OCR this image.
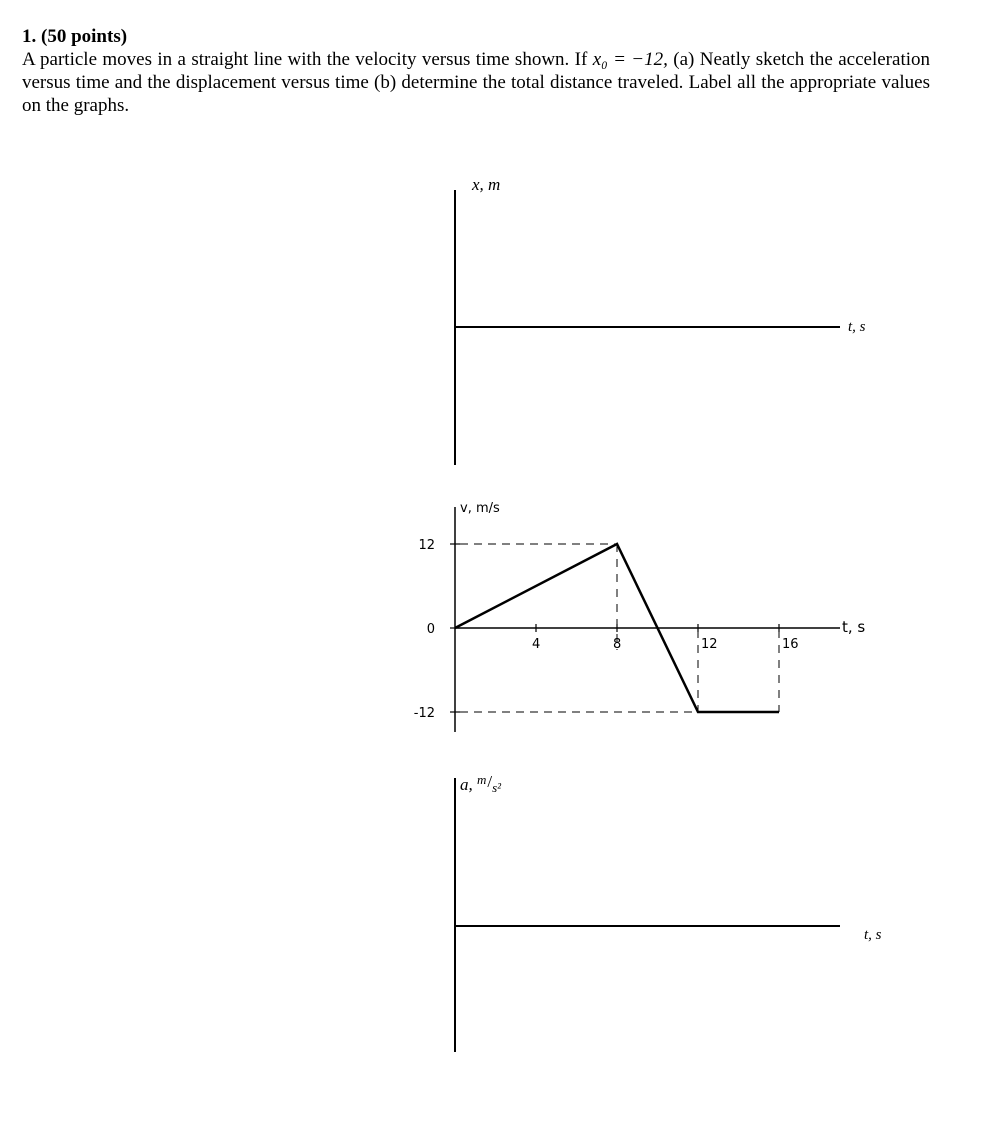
1. (50 points)
A particle moves in a straight line with the velocity versus time shown. If x₀ = −12, (a) Neatly sketch the acceleration versus time and the displacement versus time (b) determine the total distance traveled. Label all the appropriate values on the graphs.
x, m
t, s
v, m/s
t, s
12
0
-12
4	8	12	16
a, $^m/_{s^2}$
t, s
